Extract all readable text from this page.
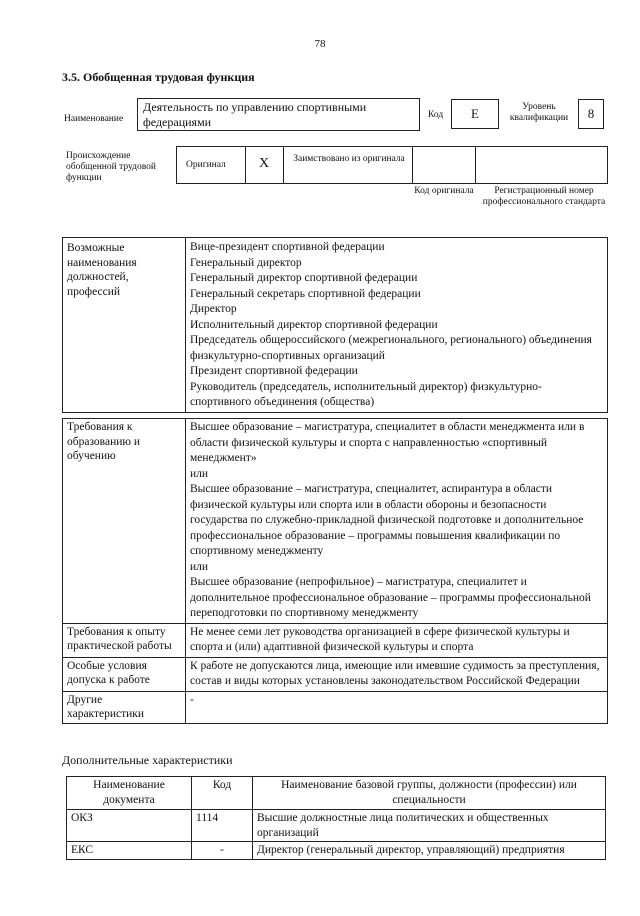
78
3.5. Обобщенная трудовая функция
Наименование
Деятельность по управлению спортивными федерациями	Код	E	Уровень квалификации	8
Происхождение обобщенной трудовой функции
Оригинал	X	Заимствовано из оригинала
Код оригинала	Регистрационный номер профессионального стандарта
Возможные наименования должностей, профессий	
Вице-президент спортивной федерации
Генеральный директор
Генеральный директор спортивной федерации
Генеральный секретарь спортивной федерации
Директор
Исполнительный директор спортивной федерации
Председатель общероссийского (межрегионального, регионального) объединения физкультурно-спортивных организаций
Президент спортивной федерации
Руководитель (председатель, исполнительный директор) физкультурно-спортивного объединения (общества)
Требования к образованию и обучению	Высшее образование – магистратура, специалитет в области менеджмента или в области физической культуры и спорта с направленностью «спортивный менеджмент»
или
Высшее образование – магистратура, специалитет, аспирантура в области физической культуры или спорта или в области обороны и безопасности государства по служебно-прикладной физической подготовке и дополнительное профессиональное образование – программы повышения квалификации по спортивному менеджменту
или
Высшее образование (непрофильное) – магистратура, специалитет и дополнительное профессиональное образование – программы профессиональной переподготовки по спортивному менеджменту

Требования к опыту практической работы	Не менее семи лет руководства организацией в сфере физической культуры и спорта и (или) адаптивной физической культуры и спорта
Особые условия допуска к работе	К работе не допускаются лица, имеющие или имевшие судимость за преступления, состав и виды которых установлены законодательством Российской Федерации
Другие характеристики	-
Дополнительные характеристики
Наименование документа	Код	Наименование базовой группы, должности (профессии) или специальности
ОКЗ	1114	Высшие должностные лица политических и общественных организаций
ЕКС	-	Директор (генеральный директор, управляющий) предприятия
